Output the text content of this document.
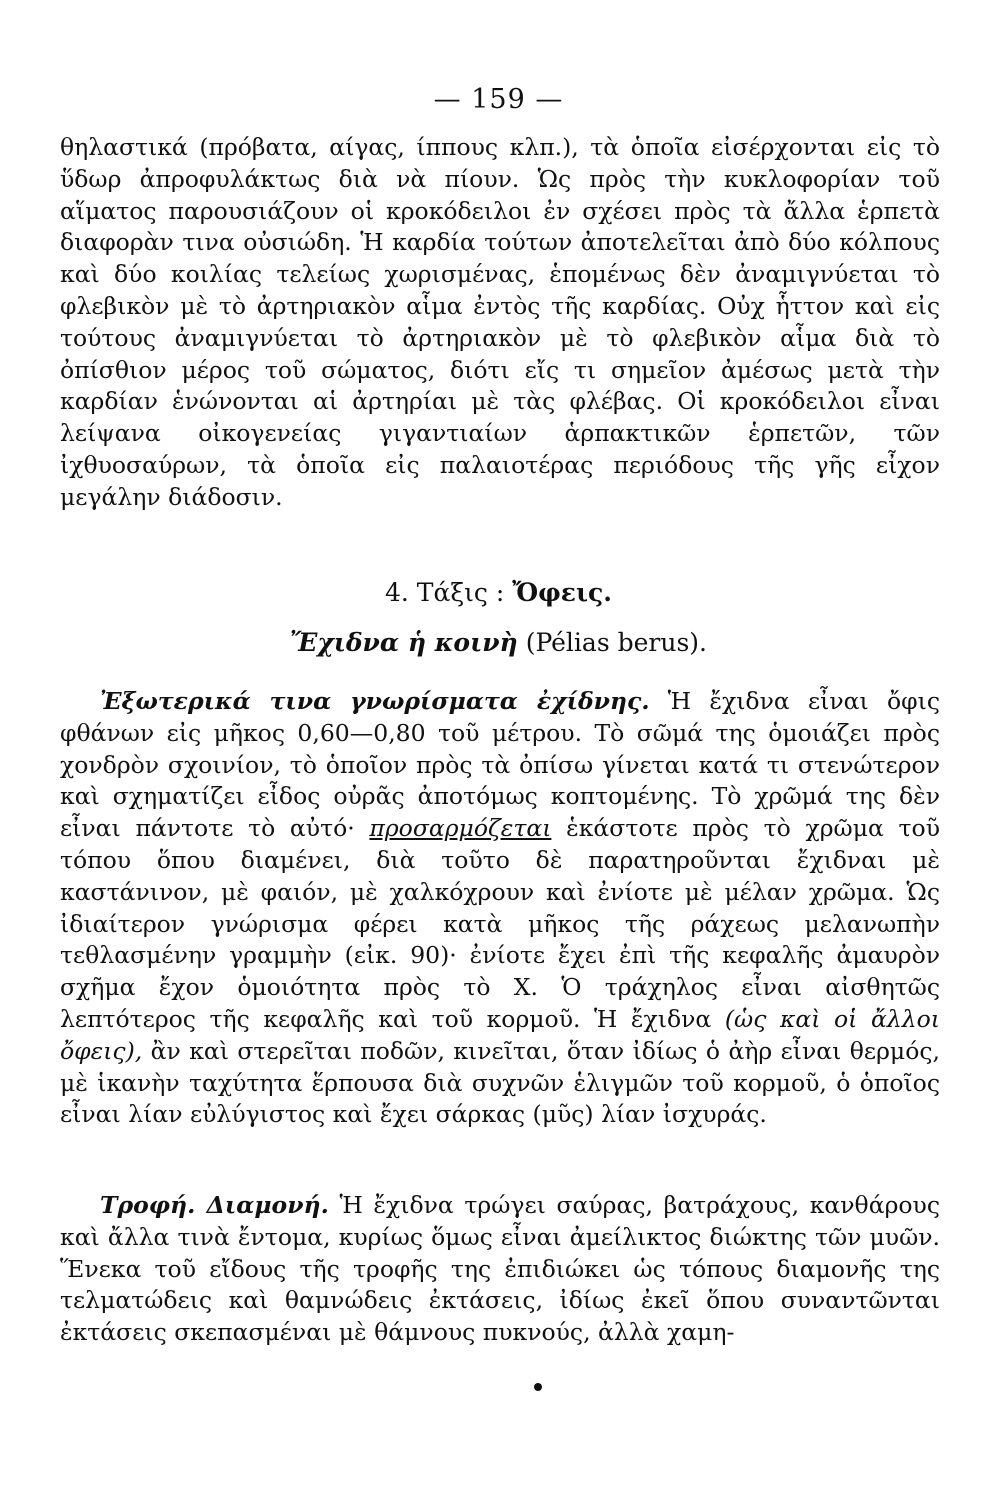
— 159 —

θηλαστικά (πρόβατα, αίγας, ίππους κλπ.), τὰ ὁποῖα εἰσέρχονται εἰς τὸ ὕδωρ ἀπροφυλάκτως διὰ νὰ πίουν. Ὡς πρὸς τὴν κυκλοφορίαν τοῦ αἵματος παρουσιάζουν οἱ κροκόδειλοι ἐν σχέσει πρὸς τὰ ἄλλα ἑρπετὰ διαφορὰν τινα οὐσιώδη. Ἡ καρδία τούτων ἀποτελεῖται ἀπὸ δύο κόλπους καὶ δύο κοιλίας τελείως χωρισμένας, ἑπομένως δὲν ἀναμιγνύεται τὸ φλεβικὸν μὲ τὸ ἀρτηριακὸν αἷμα ἐντὸς τῆς καρδίας. Οὐχ ἧττον καὶ εἰς τούτους ἀναμιγνύεται τὸ ἀρτηριακὸν μὲ τὸ φλεβικὸν αἷμα διὰ τὸ ὀπίσθιον μέρος τοῦ σώματος, διότι εἴς τι σημεῖον ἀμέσως μετὰ τὴν καρδίαν ἑνώνονται αἱ ἀρτηρίαι μὲ τὰς φλέβας. Οἱ κροκόδειλοι εἶναι λείψανα οἰκογενείας γιγαντιαίων ἁρπακτικῶν ἑρπετῶν, τῶν ἰχθυοσαύρων, τὰ ὁποῖα εἰς παλαιοτέρας περιόδους τῆς γῆς εἶχον μεγάλην διάδοσιν.

4. Τάξις : Ὄφεις.
Ἔχιδνα ἡ κοινὴ (Pélias berus).

Ἐξωτερικά τινα γνωρίσματα ἐχίδνης. Ἡ ἔχιδνα εἶναι ὄφις φθάνων εἰς μῆκος 0,60—0,80 τοῦ μέτρου. Τὸ σῶμά της ὁμοιάζει πρὸς χονδρὸν σχοινίον, τὸ ὁποῖον πρὸς τὰ ὀπίσω γίνεται κατά τι στενώτερον καὶ σχηματίζει εἶδος οὐρᾶς ἀποτόμως κοπτομένης. Τὸ χρῶμά της δὲν εἶναι πάντοτε τὸ αὐτό· προσαρμόζεται ἑκάστοτε πρὸς τὸ χρῶμα τοῦ τόπου ὅπου διαμένει, διὰ τοῦτο δὲ παρατηροῦνται ἔχιδναι μὲ καστάνινον, μὲ φαιόν, μὲ χαλκόχρουν καὶ ἐνίοτε μὲ μέλαν χρῶμα. Ὡς ἰδιαίτερον γνώρισμα φέρει κατὰ μῆκος τῆς ράχεως μελανωπὴν τεθλασμένην γραμμὴν (εἰκ. 90)· ἐνίοτε ἔχει ἐπὶ τῆς κεφαλῆς ἀμαυρὸν σχῆμα ἔχον ὁμοιότητα πρὸς τὸ Χ. Ὁ τράχηλος εἶναι αἰσθητῶς λεπτότερος τῆς κεφαλῆς καὶ τοῦ κορμοῦ. Ἡ ἔχιδνα (ὡς καὶ οἱ ἄλλοι ὄφεις), ἂν καὶ στερεῖται ποδῶν, κινεῖται, ὅταν ἰδίως ὁ ἀὴρ εἶναι θερμός, μὲ ἱκανὴν ταχύτητα ἕρπουσα διὰ συχνῶν ἑλιγμῶν τοῦ κορμοῦ, ὁ ὁποῖος εἶναι λίαν εὐλύγιστος καὶ ἔχει σάρκας (μῦς) λίαν ἰσχυράς.

Τροφή. Διαμονή. Ἡ ἔχιδνα τρώγει σαύρας, βατράχους, κανθάρους καὶ ἄλλα τινὰ ἔντομα, κυρίως ὅμως εἶναι ἀμείλικτος διώκτης τῶν μυῶν. Ἕνεκα τοῦ εἴδους τῆς τροφῆς της ἐπιδιώκει ὡς τόπους διαμονῆς της τελματώδεις καὶ θαμνώδεις ἐκτάσεις, ἰδίως ἐκεῖ ὅπου συναντῶνται ἐκτάσεις σκεπασμέναι μὲ θάμνους πυκνούς, ἀλλὰ χαμη-
